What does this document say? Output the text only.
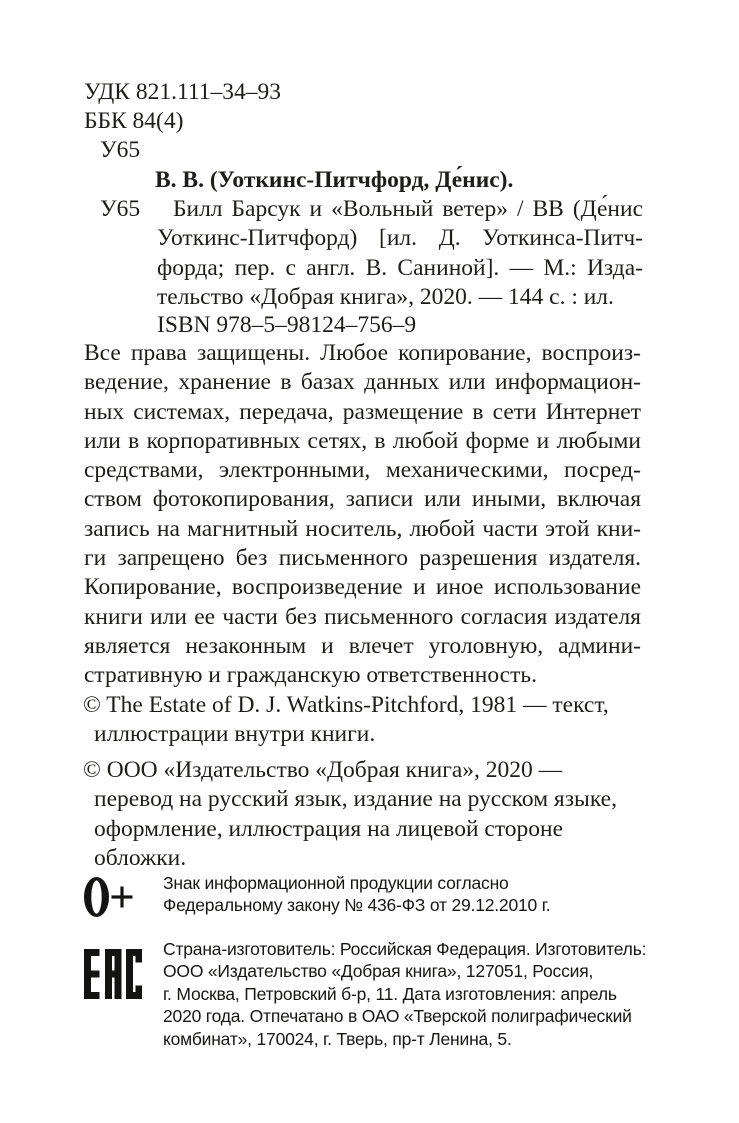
УДК 821.111–34–93
ББК 84(4)
У65
В. В. (Уоткинс-Питчфорд, Де́нис).
У65	Билл Барсук и «Вольный ветер» / ВВ (Де́нис
Уоткинс-Питчфорд) [ил. Д. Уоткинса-Питч-
форда; пер. с англ. В. Саниной]. — М.: Изда-
тельство «Добрая книга», 2020. — 144 с. : ил.
ISBN 978–5–98124–756–9
Все права защищены. Любое копирование, воспроиз-
ведение, хранение в базах данных или информацион-
ных системах, передача, размещение в сети Интернет
или в корпоративных сетях, в любой форме и любыми
средствами, электронными, механическими, посред-
ством фотокопирования, записи или иными, включая
запись на магнитный носитель, любой части этой кни-
ги запрещено без письменного разрешения издателя.
Копирование, воспроизведение и иное использование
книги или ее части без письменного согласия издателя
является незаконным и влечет уголовную, админи-
стративную и гражданскую ответственность.
© The Estate of D. J. Watkins-Pitchford, 1981 — текст,
иллюстрации внутри книги.
© ООО «Издательство «Добрая книга», 2020 —
перевод на русский язык, издание на русском языке,
оформление, иллюстрация на лицевой стороне
обложки.
Знак информационной продукции согласно
Федеральному закону № 436-ФЗ от 29.12.2010 г.
Страна-изготовитель: Российская Федерация. Изготовитель:
ООО «Издательство «Добрая книга», 127051, Россия,
г. Москва, Петровский б-р, 11. Дата изготовления: апрель
2020 года. Отпечатано в ОАО «Тверской полиграфический
комбинат», 170024, г. Тверь, пр-т Ленина, 5.
